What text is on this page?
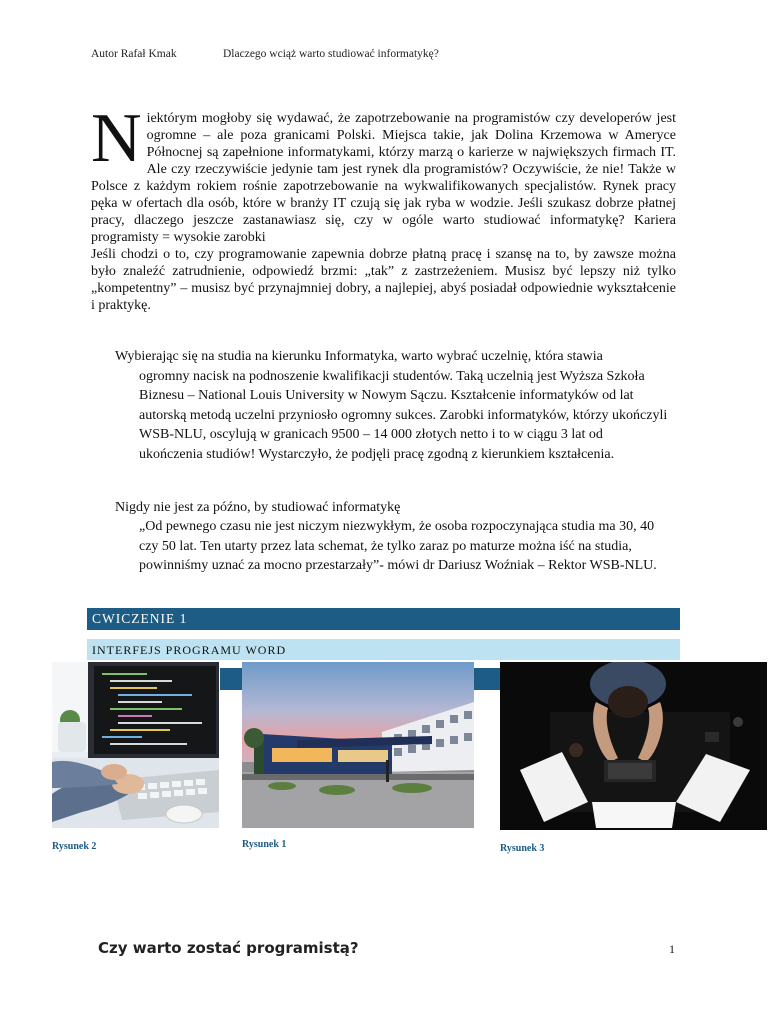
Autor Rafał Kmak	Dlaczego wciąż warto studiować informatykę?

Niektórym mogłoby się wydawać, że zapotrzebowanie na programistów czy developerów jest ogromne – ale poza granicami Polski. Miejsca takie, jak Dolina Krzemowa w Ameryce Północnej są zapełnione informatykami, którzy marzą o karierze w największych firmach IT. Ale czy rzeczywiście jedynie tam jest rynek dla programistów? Oczywiście, że nie! Także w Polsce z każdym rokiem rośnie zapotrzebowanie na wykwalifikowanych specjalistów. Rynek pracy pęka w ofertach dla osób, które w branży IT czują się jak ryba w wodzie. Jeśli szukasz dobrze płatnej pracy, dlaczego jeszcze zastanawiasz się, czy w ogóle warto studiować informatykę? Kariera programisty = wysokie zarobki

Jeśli chodzi o to, czy programowanie zapewnia dobrze płatną pracę i szansę na to, by zawsze można było znaleźć zatrudnienie, odpowiedź brzmi: „tak” z zastrzeżeniem. Musisz być lepszy niż tylko „kompetentny” – musisz być przynajmniej dobry, a najlepiej, abyś posiadał odpowiednie wykształcenie i praktykę.

Wybierając się na studia na kierunku Informatyka, warto wybrać uczelnię, która stawia
ogromny nacisk na podnoszenie kwalifikacji studentów. Taką uczelnią jest Wyższa Szkoła Biznesu – National Louis University w Nowym Sączu. Kształcenie informatyków od lat autorską metodą uczelni przyniosło ogromny sukces. Zarobki informatyków, którzy ukończyli WSB-NLU, oscylują w granicach 9500 – 14 000 złotych netto i to w ciągu 3 lat od ukończenia studiów! Wystarczyło, że podjęli pracę zgodną z kierunkiem kształcenia.
Nigdy nie jest za późno, by studiować informatykę
„Od pewnego czasu nie jest niczym niezwykłym, że osoba rozpoczynająca studia ma 30, 40 czy 50 lat. Ten utarty przez lata schemat, że tylko zaraz po maturze można iść na studia, powinniśmy uznać za mocno przestarzały”- mówi dr Dariusz Woźniak – Rektor WSB-NLU.
CWICZENIE 1
INTERFEJS PROGRAMU WORD
Rysunek 2	Rysunek 1	Rysunek 3
Czy warto zostać programistą?	1
